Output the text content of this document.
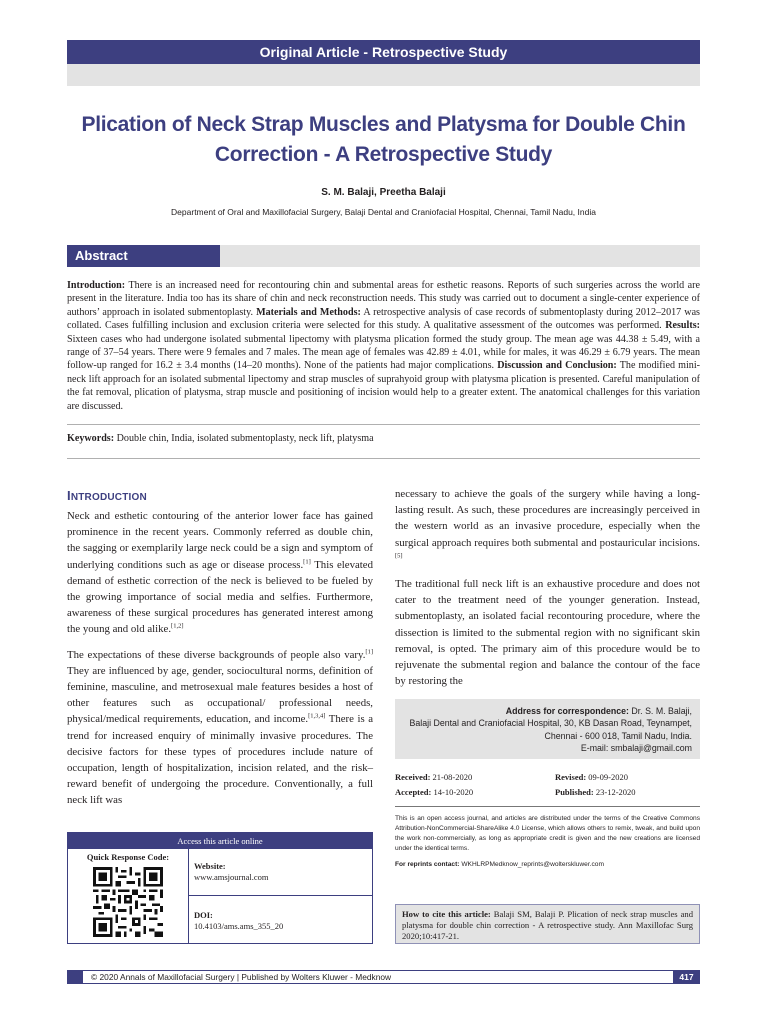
Original Article - Retrospective Study
Plication of Neck Strap Muscles and Platysma for Double Chin Correction - A Retrospective Study
S. M. Balaji, Preetha Balaji
Department of Oral and Maxillofacial Surgery, Balaji Dental and Craniofacial Hospital, Chennai, Tamil Nadu, India
Abstract

Introduction: There is an increased need for recontouring chin and submental areas for esthetic reasons. Reports of such surgeries across the world are present in the literature. India too has its share of chin and neck reconstruction needs. This study was carried out to document a single-center experience of authors’ approach in isolated submentoplasty. Materials and Methods: A retrospective analysis of case records of submentoplasty during 2012–2017 was collated. Cases fulfilling inclusion and exclusion criteria were selected for this study. A qualitative assessment of the outcomes was performed. Results: Sixteen cases who had undergone isolated submental lipectomy with platysma plication formed the study group. The mean age was 44.38 ± 5.49, with a range of 37–54 years. There were 9 females and 7 males. The mean age of females was 42.89 ± 4.01, while for males, it was 46.29 ± 6.79 years. The mean follow-up ranged for 16.2 ± 3.4 months (14–20 months). None of the patients had major complications. Discussion and Conclusion: The modified mini-neck lift approach for an isolated submental lipectomy and strap muscles of suprahyoid group with platysma plication is presented. Careful manipulation of the fat removal, plication of platysma, strap muscle and positioning of incision would help to a greater extent. The anatomical challenges for this variation are discussed.

Keywords: Double chin, India, isolated submentoplasty, neck lift, platysma
INTRODUCTION

Neck and esthetic contouring of the anterior lower face has gained prominence in the recent years. Commonly referred as double chin, the sagging or exemplarily large neck could be a sign and symptom of underlying conditions such as age or disease process.[1] This elevated demand of esthetic correction of the neck is believed to be fueled by the growing importance of social media and selfies. Furthermore, awareness of these surgical procedures has generated interest among the young and old alike.[1,2]

The expectations of these diverse backgrounds of people also vary.[1] They are influenced by age, gender, sociocultural norms, definition of feminine, masculine, and metrosexual male features besides a host of other features such as occupational/ professional needs, physical/medical requirements, education, and income.[1,3,4] There is a trend for increased enquiry of minimally invasive procedures. The decisive factors for these types of procedures include nature of occupation, length of hospitalization, incision related, and the risk–reward benefit of undergoing the procedure. Conventionally, a full neck lift was

necessary to achieve the goals of the surgery while having a long-lasting result. As such, these procedures are increasingly perceived in the western world as an invasive procedure, especially when the surgical approach requires both submental and postauricular incisions.[5]

The traditional full neck lift is an exhaustive procedure and does not cater to the treatment need of the younger generation. Instead, submentoplasty, an isolated facial recontouring procedure, where the dissection is limited to the submental region with no significant skin removal, is opted. The primary aim of this procedure would be to rejuvenate the submental region and balance the contour of the face by restoring the

Access this article online
Quick Response Code:
Website:
www.amsjournal.com
DOI:
10.4103/ams.ams_355_20
Address for correspondence: Dr. S. M. Balaji,
Balaji Dental and Craniofacial Hospital, 30, KB Dasan Road, Teynampet,
Chennai - 600 018, Tamil Nadu, India.
E-mail: smbalaji@gmail.com
Received: 21-08-2020	Revised: 09-09-2020
Accepted: 14-10-2020	Published: 23-12-2020

This is an open access journal, and articles are distributed under the terms of the Creative Commons Attribution-NonCommercial-ShareAlike 4.0 License, which allows others to remix, tweak, and build upon the work non-commercially, as long as appropriate credit is given and the new creations are licensed under the identical terms.

For reprints contact: WKHLRPMedknow_reprints@wolterskluwer.com

How to cite this article: Balaji SM, Balaji P. Plication of neck strap muscles and platysma for double chin correction - A retrospective study. Ann Maxillofac Surg 2020;10:417-21.
© 2020 Annals of Maxillofacial Surgery | Published by Wolters Kluwer - Medknow	417
